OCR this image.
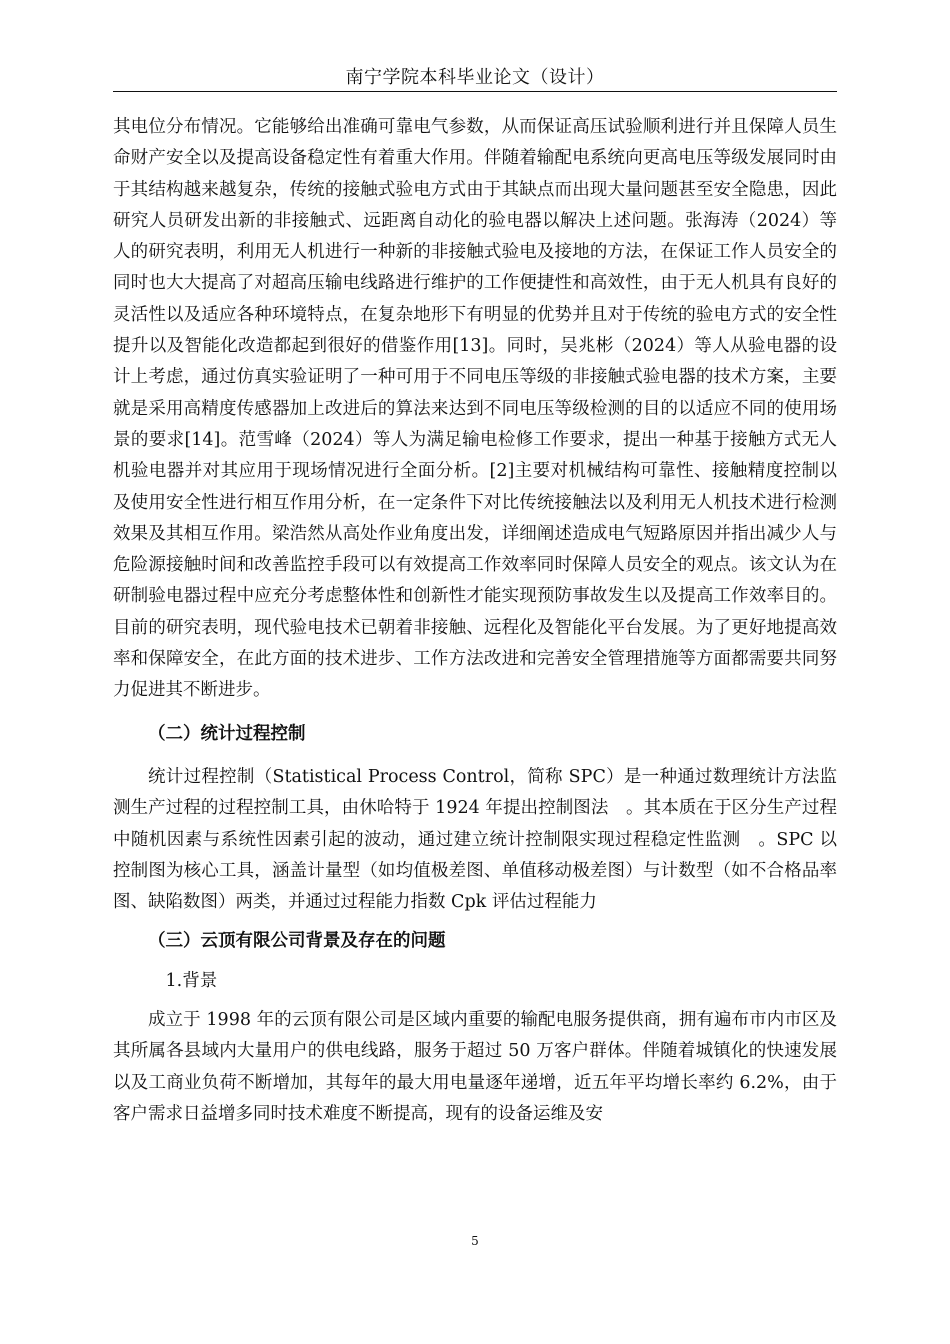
南宁学院本科毕业论文（设计）

其电位分布情况。它能够给出准确可靠电气参数，从而保证高压试验顺利进行并且保障人员生命财产安全以及提高设备稳定性有着重大作用。伴随着输配电系统向更高电压等级发展同时由于其结构越来越复杂，传统的接触式验电方式由于其缺点而出现大量问题甚至安全隐患，因此研究人员研发出新的非接触式、远距离自动化的验电器以解决上述问题。张海涛（2024）等人的研究表明，利用无人机进行一种新的非接触式验电及接地的方法，在保证工作人员安全的同时也大大提高了对超高压输电线路进行维护的工作便捷性和高效性，由于无人机具有良好的灵活性以及适应各种环境特点，在复杂地形下有明显的优势并且对于传统的验电方式的安全性提升以及智能化改造都起到很好的借鉴作用[13]。同时，吴兆彬（2024）等人从验电器的设计上考虑，通过仿真实验证明了一种可用于不同电压等级的非接触式验电器的技术方案，主要就是采用高精度传感器加上改进后的算法来达到不同电压等级检测的目的以适应不同的使用场景的要求[14]。范雪峰（2024）等人为满足输电检修工作要求，提出一种基于接触方式无人机验电器并对其应用于现场情况进行全面分析。[2]主要对机械结构可靠性、接触精度控制以及使用安全性进行相互作用分析，在一定条件下对比传统接触法以及利用无人机技术进行检测效果及其相互作用。梁浩然从高处作业角度出发，详细阐述造成电气短路原因并指出减少人与危险源接触时间和改善监控手段可以有效提高工作效率同时保障人员安全的观点。该文认为在研制验电器过程中应充分考虑整体性和创新性才能实现预防事故发生以及提高工作效率目的。目前的研究表明，现代验电技术已朝着非接触、远程化及智能化平台发展。为了更好地提高效率和保障安全，在此方面的技术进步、工作方法改进和完善安全管理措施等方面都需要共同努力促进其不断进步。

（二）统计过程控制

统计过程控制（Statistical Process Control，简称 SPC）是一种通过数理统计方法监测生产过程的过程控制工具，由休哈特于 1924 年提出控制图法　。其本质在于区分生产过程中随机因素与系统性因素引起的波动，通过建立统计控制限实现过程稳定性监测　。SPC 以控制图为核心工具，涵盖计量型（如均值极差图、单值移动极差图）与计数型（如不合格品率图、缺陷数图）两类，并通过过程能力指数 Cpk 评估过程能力

（三）云顶有限公司背景及存在的问题

1.背景

成立于 1998 年的云顶有限公司是区域内重要的输配电服务提供商，拥有遍布市内市区及其所属各县域内大量用户的供电线路，服务于超过 50 万客户群体。伴随着城镇化的快速发展以及工商业负荷不断增加，其每年的最大用电量逐年递增，近五年平均增长率约 6.2%，由于客户需求日益增多同时技术难度不断提高，现有的设备运维及安

5
